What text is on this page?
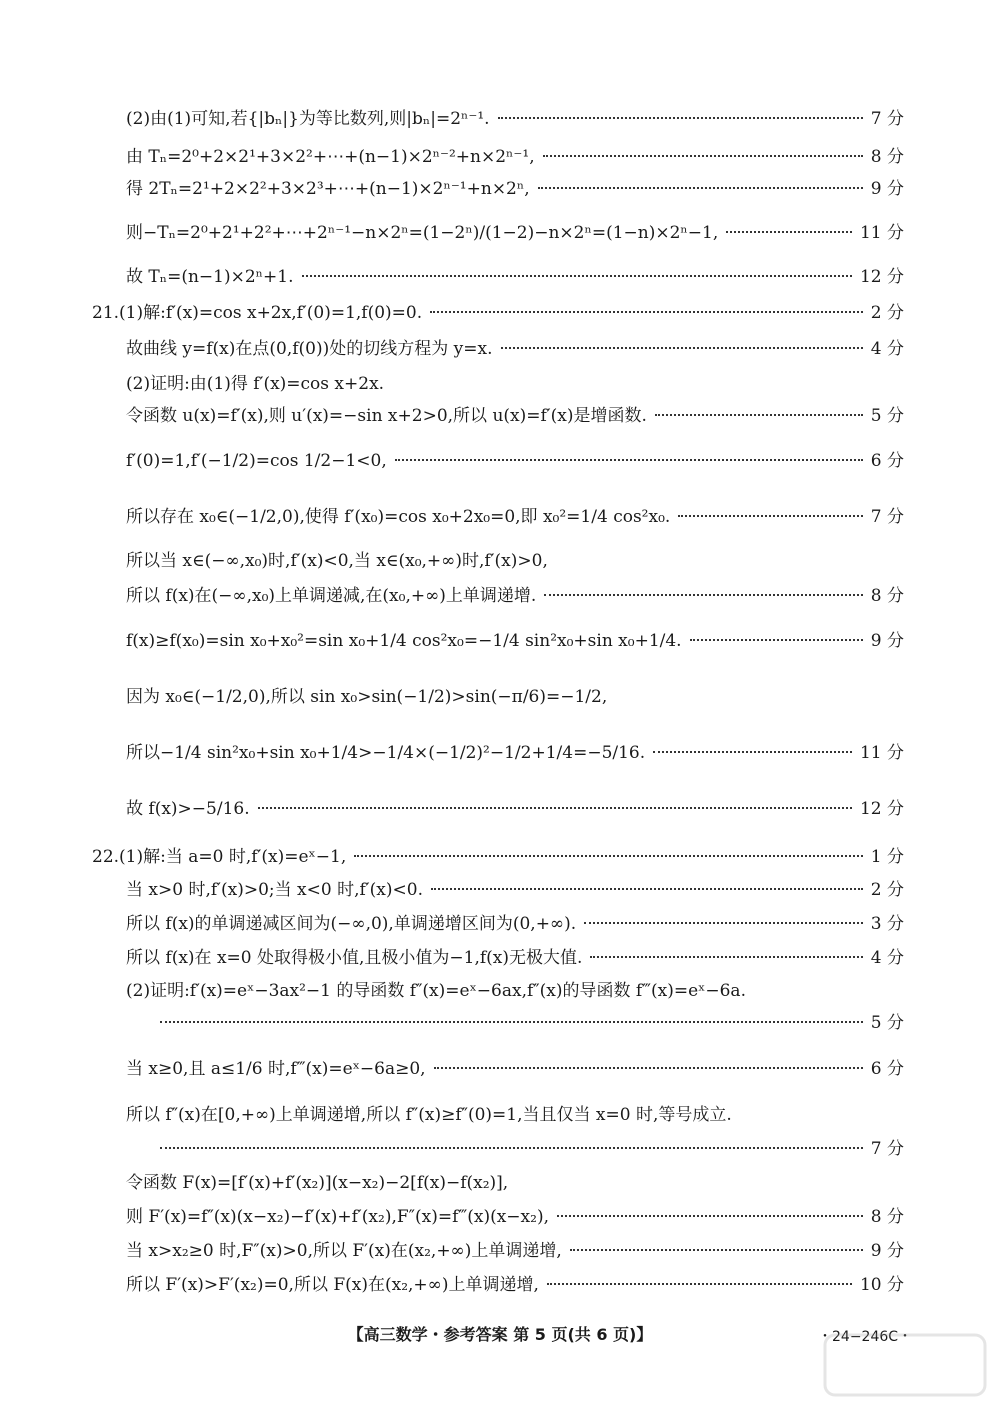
(2)由(1)可知,若{|bₙ|}为等比数列,则|bₙ|=2ⁿ⁻¹.	7 分
由 Tₙ=2⁰+2×2¹+3×2²+⋯+(n−1)×2ⁿ⁻²+n×2ⁿ⁻¹,	8 分
得 2Tₙ=2¹+2×2²+3×2³+⋯+(n−1)×2ⁿ⁻¹+n×2ⁿ,	9 分
则−Tₙ=2⁰+2¹+2²+⋯+2ⁿ⁻¹−n×2ⁿ=(1−2ⁿ)/(1−2)−n×2ⁿ=(1−n)×2ⁿ−1,	11 分
故 Tₙ=(n−1)×2ⁿ+1.	12 分
21.(1)解:f′(x)=cos x+2x,f′(0)=1,f(0)=0.	2 分
故曲线 y=f(x)在点(0,f(0))处的切线方程为 y=x.	4 分
(2)证明:由(1)得 f′(x)=cos x+2x.
令函数 u(x)=f′(x),则 u′(x)=−sin x+2>0,所以 u(x)=f′(x)是增函数.	5 分
f′(0)=1,f′(−1/2)=cos 1/2−1<0,	6 分
所以存在 x₀∈(−1/2,0),使得 f′(x₀)=cos x₀+2x₀=0,即 x₀²=1/4 cos²x₀.	7 分
所以当 x∈(−∞,x₀)时,f′(x)<0,当 x∈(x₀,+∞)时,f′(x)>0,
所以 f(x)在(−∞,x₀)上单调递减,在(x₀,+∞)上单调递增.	8 分
f(x)≥f(x₀)=sin x₀+x₀²=sin x₀+1/4 cos²x₀=−1/4 sin²x₀+sin x₀+1/4.	9 分
因为 x₀∈(−1/2,0),所以 sin x₀>sin(−1/2)>sin(−π/6)=−1/2,
所以−1/4 sin²x₀+sin x₀+1/4>−1/4×(−1/2)²−1/2+1/4=−5/16.	11 分
故 f(x)>−5/16.	12 分
22.(1)解:当 a=0 时,f′(x)=eˣ−1,	1 分
当 x>0 时,f′(x)>0;当 x<0 时,f′(x)<0.	2 分
所以 f(x)的单调递减区间为(−∞,0),单调递增区间为(0,+∞).	3 分
所以 f(x)在 x=0 处取得极小值,且极小值为−1,f(x)无极大值.	4 分
(2)证明:f′(x)=eˣ−3ax²−1 的导函数 f″(x)=eˣ−6ax,f″(x)的导函数 f‴(x)=eˣ−6a.
5 分
当 x≥0,且 a≤1/6 时,f‴(x)=eˣ−6a≥0,	6 分
所以 f″(x)在[0,+∞)上单调递增,所以 f″(x)≥f″(0)=1,当且仅当 x=0 时,等号成立.
7 分
令函数 F(x)=[f′(x)+f′(x₂)](x−x₂)−2[f(x)−f(x₂)],
则 F′(x)=f″(x)(x−x₂)−f′(x)+f′(x₂),F″(x)=f‴(x)(x−x₂),	8 分
当 x>x₂≥0 时,F″(x)>0,所以 F′(x)在(x₂,+∞)上单调递增,	9 分
所以 F′(x)>F′(x₂)=0,所以 F(x)在(x₂,+∞)上单调递增,	10 分
【高三数学・参考答案 第 5 页(共 6 页)】	・24−246C・
